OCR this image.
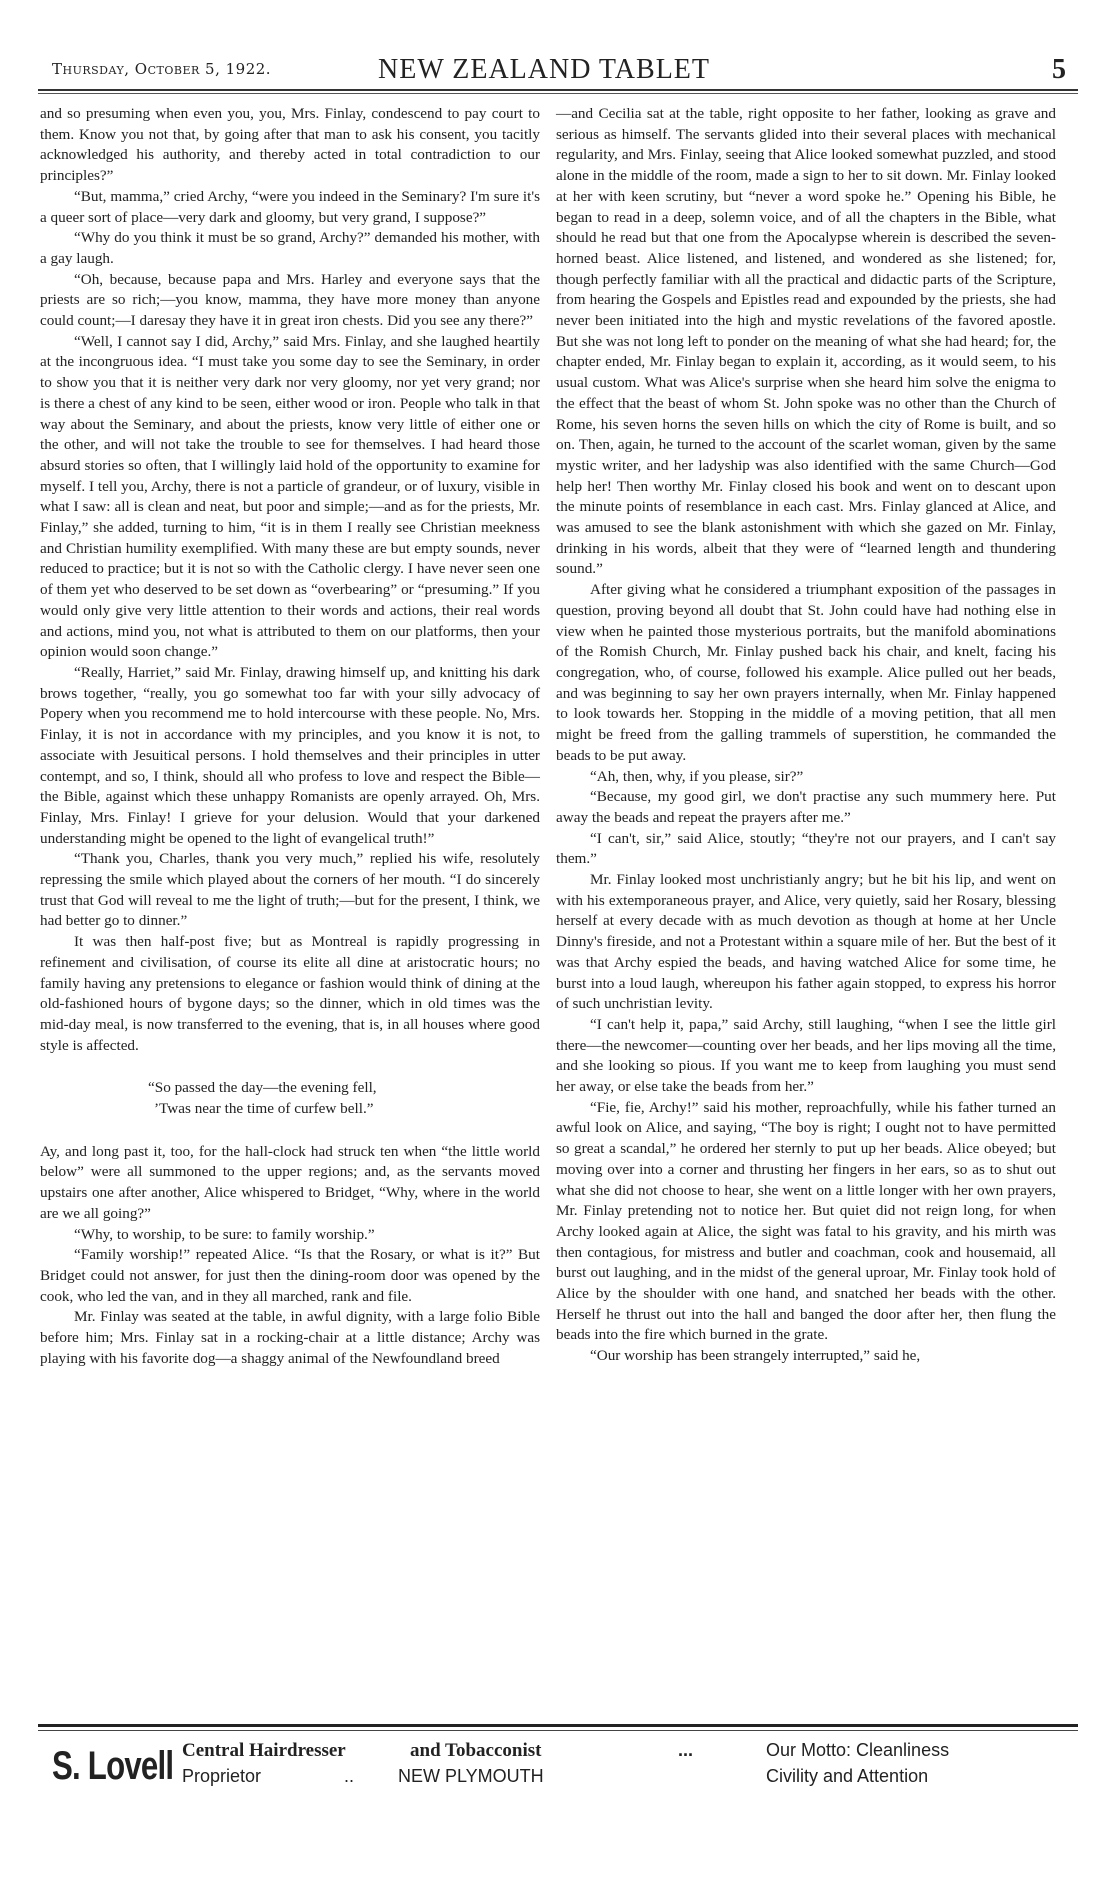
Thursday, October 5, 1922.	NEW ZEALAND TABLET	5

and so presuming when even you, you, Mrs. Finlay, condescend to pay court to them. Know you not that, by going after that man to ask his consent, you tacitly acknowledged his authority, and thereby acted in total contradiction to our principles?”

“But, mamma,” cried Archy, “were you indeed in the Seminary? I'm sure it's a queer sort of place—very dark and gloomy, but very grand, I suppose?”

“Why do you think it must be so grand, Archy?” demanded his mother, with a gay laugh.

“Oh, because, because papa and Mrs. Harley and everyone says that the priests are so rich;—you know, mamma, they have more money than anyone could count;—I daresay they have it in great iron chests. Did you see any there?”

“Well, I cannot say I did, Archy,” said Mrs. Finlay, and she laughed heartily at the incongruous idea. “I must take you some day to see the Seminary, in order to show you that it is neither very dark nor very gloomy, nor yet very grand; nor is there a chest of any kind to be seen, either wood or iron. People who talk in that way about the Seminary, and about the priests, know very little of either one or the other, and will not take the trouble to see for themselves. I had heard those absurd stories so often, that I willingly laid hold of the opportunity to examine for myself. I tell you, Archy, there is not a particle of grandeur, or of luxury, visible in what I saw: all is clean and neat, but poor and simple;—and as for the priests, Mr. Finlay,” she added, turning to him, “it is in them I really see Christian meekness and Christian humility exemplified. With many these are but empty sounds, never reduced to practice; but it is not so with the Catholic clergy. I have never seen one of them yet who deserved to be set down as “overbearing” or “presuming.” If you would only give very little attention to their words and actions, their real words and actions, mind you, not what is attributed to them on our platforms, then your opinion would soon change.”

“Really, Harriet,” said Mr. Finlay, drawing himself up, and knitting his dark brows together, “really, you go somewhat too far with your silly advocacy of Popery when you recommend me to hold intercourse with these people. No, Mrs. Finlay, it is not in accordance with my principles, and you know it is not, to associate with Jesuitical persons. I hold themselves and their principles in utter contempt, and so, I think, should all who profess to love and respect the Bible—the Bible, against which these unhappy Romanists are openly arrayed. Oh, Mrs. Finlay, Mrs. Finlay! I grieve for your delusion. Would that your darkened understanding might be opened to the light of evangelical truth!”

“Thank you, Charles, thank you very much,” replied his wife, resolutely repressing the smile which played about the corners of her mouth. “I do sincerely trust that God will reveal to me the light of truth;—but for the present, I think, we had better go to dinner.”

It was then half-post five; but as Montreal is rapidly progressing in refinement and civilisation, of course its elite all dine at aristocratic hours; no family having any pretensions to elegance or fashion would think of dining at the old-fashioned hours of bygone days; so the dinner, which in old times was the mid-day meal, is now transferred to the evening, that is, in all houses where good style is affected.

“So passed the day—the evening fell,
’Twas near the time of curfew bell.”

Ay, and long past it, too, for the hall-clock had struck ten when “the little world below” were all summoned to the upper regions; and, as the servants moved upstairs one after another, Alice whispered to Bridget, “Why, where in the world are we all going?”

“Why, to worship, to be sure: to family worship.”

“Family worship!” repeated Alice. “Is that the Rosary, or what is it?” But Bridget could not answer, for just then the dining-room door was opened by the cook, who led the van, and in they all marched, rank and file.

Mr. Finlay was seated at the table, in awful dignity, with a large folio Bible before him; Mrs. Finlay sat in a rocking-chair at a little distance; Archy was playing with his favorite dog—a shaggy animal of the Newfoundland breed

—and Cecilia sat at the table, right opposite to her father, looking as grave and serious as himself. The servants glided into their several places with mechanical regularity, and Mrs. Finlay, seeing that Alice looked somewhat puzzled, and stood alone in the middle of the room, made a sign to her to sit down. Mr. Finlay looked at her with keen scrutiny, but “never a word spoke he.” Opening his Bible, he began to read in a deep, solemn voice, and of all the chapters in the Bible, what should he read but that one from the Apocalypse wherein is described the seven-horned beast. Alice listened, and listened, and wondered as she listened; for, though perfectly familiar with all the practical and didactic parts of the Scripture, from hearing the Gospels and Epistles read and expounded by the priests, she had never been initiated into the high and mystic revelations of the favored apostle. But she was not long left to ponder on the meaning of what she had heard; for, the chapter ended, Mr. Finlay began to explain it, according, as it would seem, to his usual custom. What was Alice's surprise when she heard him solve the enigma to the effect that the beast of whom St. John spoke was no other than the Church of Rome, his seven horns the seven hills on which the city of Rome is built, and so on. Then, again, he turned to the account of the scarlet woman, given by the same mystic writer, and her ladyship was also identified with the same Church—God help her! Then worthy Mr. Finlay closed his book and went on to descant upon the minute points of resemblance in each cast. Mrs. Finlay glanced at Alice, and was amused to see the blank astonishment with which she gazed on Mr. Finlay, drinking in his words, albeit that they were of “learned length and thundering sound.”

After giving what he considered a triumphant exposition of the passages in question, proving beyond all doubt that St. John could have had nothing else in view when he painted those mysterious portraits, but the manifold abominations of the Romish Church, Mr. Finlay pushed back his chair, and knelt, facing his congregation, who, of course, followed his example. Alice pulled out her beads, and was beginning to say her own prayers internally, when Mr. Finlay happened to look towards her. Stopping in the middle of a moving petition, that all men might be freed from the galling trammels of superstition, he commanded the beads to be put away.

“Ah, then, why, if you please, sir?”

“Because, my good girl, we don't practise any such mummery here. Put away the beads and repeat the prayers after me.”

“I can't, sir,” said Alice, stoutly; “they're not our prayers, and I can't say them.”

Mr. Finlay looked most unchristianly angry; but he bit his lip, and went on with his extemporaneous prayer, and Alice, very quietly, said her Rosary, blessing herself at every decade with as much devotion as though at home at her Uncle Dinny's fireside, and not a Protestant within a square mile of her. But the best of it was that Archy espied the beads, and having watched Alice for some time, he burst into a loud laugh, whereupon his father again stopped, to express his horror of such unchristian levity.

“I can't help it, papa,” said Archy, still laughing, “when I see the little girl there—the newcomer—counting over her beads, and her lips moving all the time, and she looking so pious. If you want me to keep from laughing you must send her away, or else take the beads from her.”

“Fie, fie, Archy!” said his mother, reproachfully, while his father turned an awful look on Alice, and saying, “The boy is right; I ought not to have permitted so great a scandal,” he ordered her sternly to put up her beads. Alice obeyed; but moving over into a corner and thrusting her fingers in her ears, so as to shut out what she did not choose to hear, she went on a little longer with her own prayers, Mr. Finlay pretending not to notice her. But quiet did not reign long, for when Archy looked again at Alice, the sight was fatal to his gravity, and his mirth was then contagious, for mistress and butler and coachman, cook and housemaid, all burst out laughing, and in the midst of the general uproar, Mr. Finlay took hold of Alice by the shoulder with one hand, and snatched her beads with the other. Herself he thrust out into the hall and banged the door after her, then flung the beads into the fire which burned in the grate.

“Our worship has been strangely interrupted,” said he,

S. Lovell Central Hairdresser	and Tobacconist	...
Proprietor	.. NEW PLYMOUTH
Our Motto: Cleanliness
Civility and Attention
